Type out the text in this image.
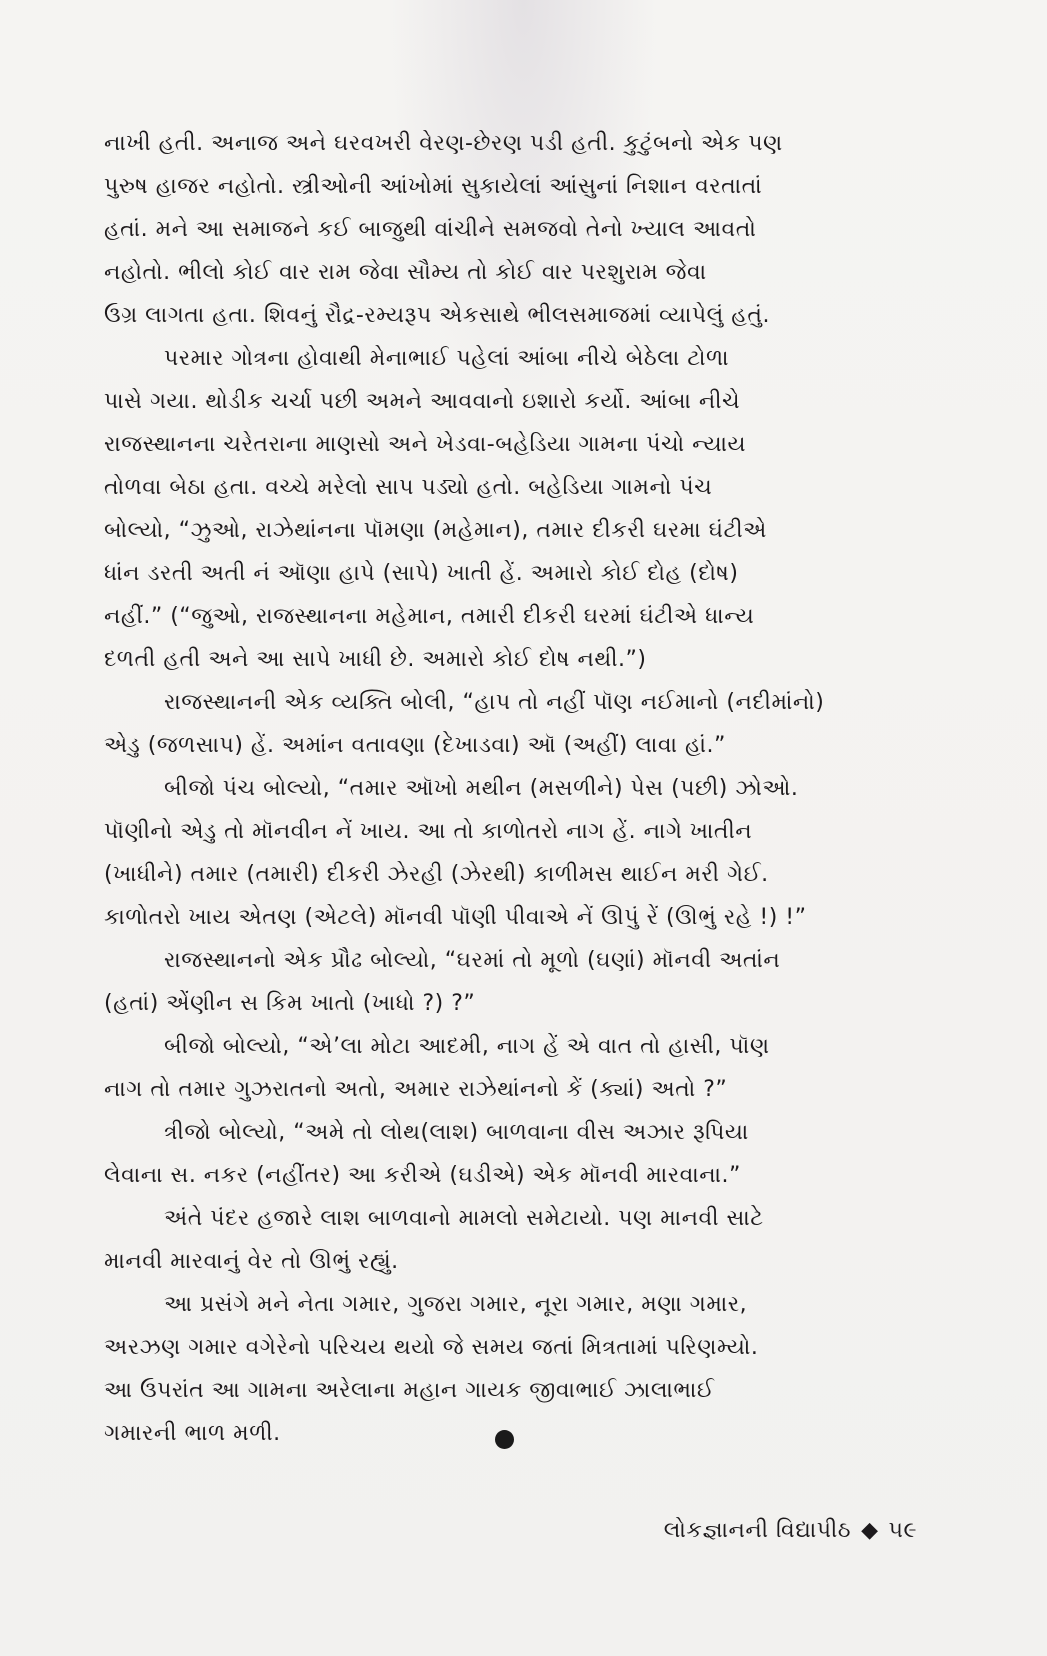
નાખી હતી. અનાજ અને ઘરવખરી વેરણ-છેરણ પડી હતી. કુટુંબનો એક પણ
પુરુષ હાજર નહોતો. સ્ત્રીઓની આંખોમાં સુકાયેલાં આંસુનાં નિશાન વરતાતાં
હતાં. મને આ સમાજને કઈ બાજુથી વાંચીને સમજવો તેનો ખ્યાલ આવતો
નહોતો. ભીલો કોઈ વાર રામ જેવા સૌમ્ય તો કોઈ વાર પરશુરામ જેવા
ઉગ્ર લાગતા હતા. શિવનું રૌદ્ર-રમ્યરૂપ એકસાથે ભીલસમાજમાં વ્યાપેલું હતું.
પરમાર ગોત્રના હોવાથી મેનાભાઈ પહેલાં આંબા નીચે બેઠેલા ટોળા
પાસે ગયા. થોડીક ચર્ચા પછી અમને આવવાનો ઇશારો કર્યો. આંબા નીચે
રાજસ્થાનના ચરેતરાના માણસો અને ખેડવા-બહેડિયા ગામના પંચો ન્યાય
તોળવા બેઠા હતા. વચ્ચે મરેલો સાપ પડ્યો હતો. બહેડિયા ગામનો પંચ
બોલ્યો, “ઝુઓ, રાઝેથાંનના પૉમણા (મહેમાન), તમાર દીકરી ઘરમા ઘંટીએ
ધાંન ડરતી અતી નં ઑણા હાપે (સાપે) ખાતી હેં. અમારો કોઈ દોહ (દોષ)
નહીં.” (“જુઓ, રાજસ્થાનના મહેમાન, તમારી દીકરી ઘરમાં ઘંટીએ ધાન્ય
દળતી હતી અને આ સાપે ખાધી છે. અમારો કોઈ દોષ નથી.”)
રાજસ્થાનની એક વ્યક્તિ બોલી, “હાપ તો નહીં પૉણ નઈમાનો (નદીમાંનો)
એડુ (જળસાપ) હેં. અમાંન વતાવણા (દેખાડવા) ઑ (અહીં) લાવા હાં.”
બીજો પંચ બોલ્યો, “તમાર ઑખો મથીન (મસળીને) પેસ (પછી) ઝોઓ.
પૉણીનો એડુ તો મૉનવીન નેં ખાય. આ તો કાળોતરો નાગ હેં. નાગે ખાતીન
(ખાધીને) તમાર (તમારી) દીકરી ઝેરહી (ઝેરથી) કાળીમસ થાઈન મરી ગેઈ.
કાળોતરો ખાય એતણ (એટલે) મૉનવી પૉણી પીવાએ નેં ઊપું રેં (ઊભું રહે !) !”
રાજસ્થાનનો એક પ્રૌઢ બોલ્યો, “ઘરમાં તો મૂળો (ઘણાં) મૉનવી અતાંન
(હતાં) એંણીન સ કિમ ખાતો (ખાધો ?) ?”
બીજો બોલ્યો, “એ’લા મોટા આદમી, નાગ હેં એ વાત તો હાસી, પૉણ
નાગ તો તમાર ગુઝરાતનો અતો, અમાર રાઝેથાંનનો કેં (ક્યાં) અતો ?”
ત્રીજો બોલ્યો, “અમે તો લોથ(લાશ) બાળવાના વીસ અઝાર રૂપિયા
લેવાના સ. નકર (નહીંતર) આ કરીએ (ઘડીએ) એક મૉનવી મારવાના.”
અંતે પંદર હજારે લાશ બાળવાનો મામલો સમેટાયો. પણ માનવી સાટે
માનવી મારવાનું વેર તો ઊભું રહ્યું.
આ પ્રસંગે મને નેતા ગમાર, ગુજરા ગમાર, નૂરા ગમાર, મણા ગમાર,
અરઝણ ગમાર વગેરેનો પરિચય થયો જે સમય જતાં મિત્રતામાં પરિણમ્યો.
આ ઉપરાંત આ ગામના અરેલાના મહાન ગાયક જીવાભાઈ ઝાલાભાઈ
ગમારની ભાળ મળી.
લોકજ્ઞાનની વિદ્યાપીઠ ◆ ૫૯
